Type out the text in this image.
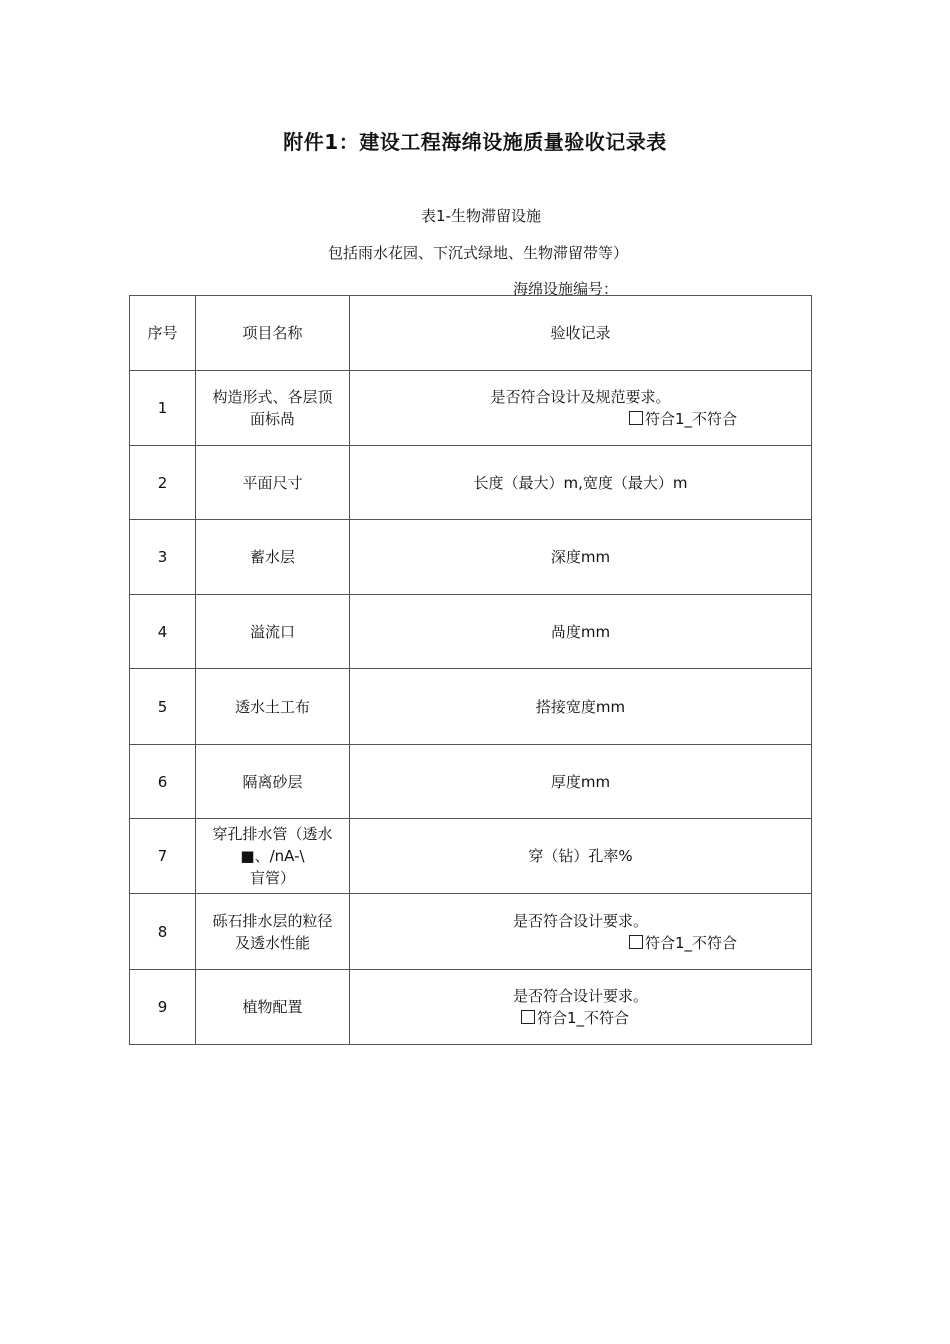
附件1：建设工程海绵设施质量验收记录表
表1-生物滞留设施
包括雨水花园、下沉式绿地、生物滞留带等）
海绵设施编号：
序号	项目名称	验收记录
1	构造形式、各层顶
面标咼	是否符合设计及规范要求。
符合1_不符合

2	平面尺寸	长度（最大）m,宽度（最大）m
3	蓄水层	深度mm
4	溢流口	咼度mm
5	透水土工布	搭接宽度mm
6	隔离砂层	厚度mm
7	穿孔排水管（透水
■、/nA-\
盲管）	穿（钻）孔率%
8	砾石排水层的粒径
及透水性能	是否符合设计要求。
符合1_不符合

9	植物配置	是否符合设计要求。
符合1_不符合
